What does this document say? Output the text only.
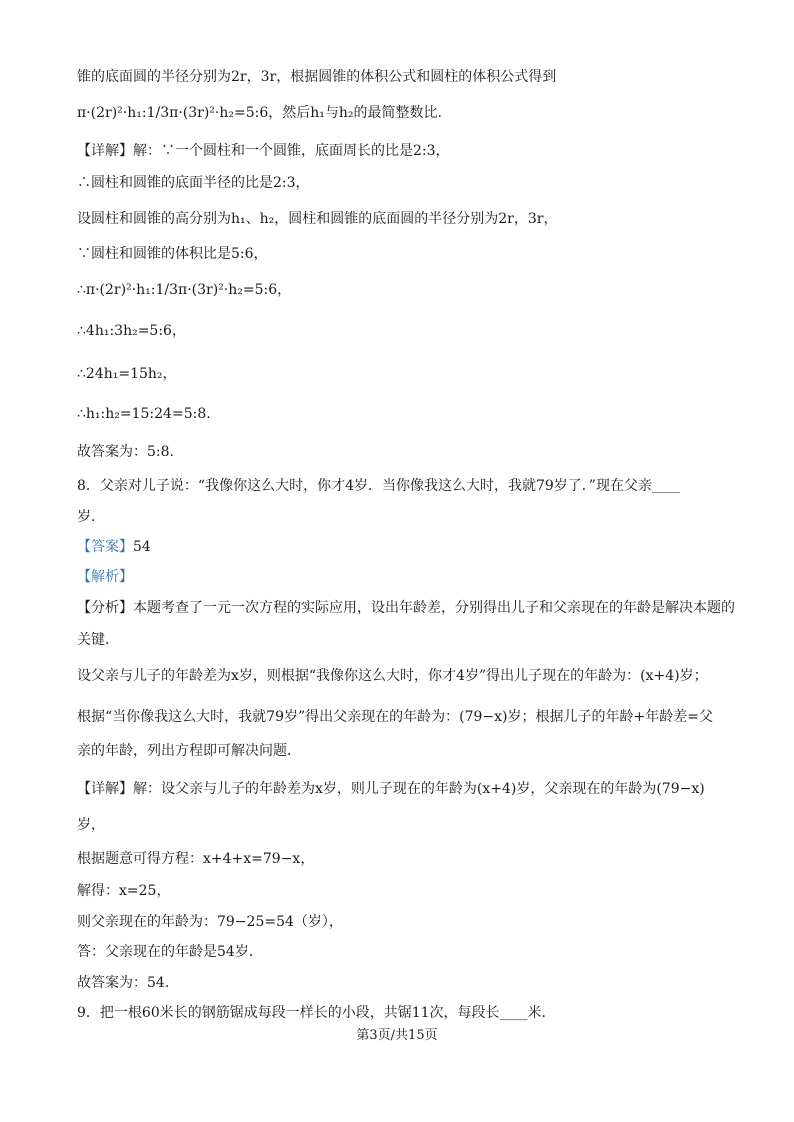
锥的底面圆的半径分别为2r，3r，根据圆锥的体积公式和圆柱的体积公式得到
π·(2r)²·h₁:1/3π·(3r)²·h₂=5:6，然后h₁与h₂的最简整数比.
【详解】解：∵一个圆柱和一个圆锥，底面周长的比是2:3，
∴圆柱和圆锥的底面半径的比是2:3，
设圆柱和圆锥的高分别为h₁、h₂，圆柱和圆锥的底面圆的半径分别为2r，3r，
∵圆柱和圆锥的体积比是5:6，
∴π·(2r)²·h₁:1/3π·(3r)²·h₂=5:6，
∴4h₁:3h₂=5:6，
∴24h₁=15h₂，
∴h₁:h₂=15:24=5:8.
故答案为：5:8.
8．父亲对儿子说：“我像你这么大时，你才4岁．当你像我这么大时，我就79岁了．”现在父亲____
岁．
【答案】54
【解析】
【分析】本题考查了一元一次方程的实际应用，设出年龄差，分别得出儿子和父亲现在的年龄是解决本题的
关键．
设父亲与儿子的年龄差为x岁，则根据“我像你这么大时，你才4岁”得出儿子现在的年龄为：(x+4)岁；
根据“当你像我这么大时，我就79岁”得出父亲现在的年龄为：(79−x)岁；根据儿子的年龄+年龄差=父
亲的年龄，列出方程即可解决问题．
【详解】解：设父亲与儿子的年龄差为x岁，则儿子现在的年龄为(x+4)岁，父亲现在的年龄为(79−x)
岁，
根据题意可得方程：x+4+x=79−x，
解得：x=25，
则父亲现在的年龄为：79−25=54（岁），
答：父亲现在的年龄是54岁．
故答案为：54.
9．把一根60米长的钢筋锯成每段一样长的小段，共锯11次，每段长____米．
第3页/共15页
